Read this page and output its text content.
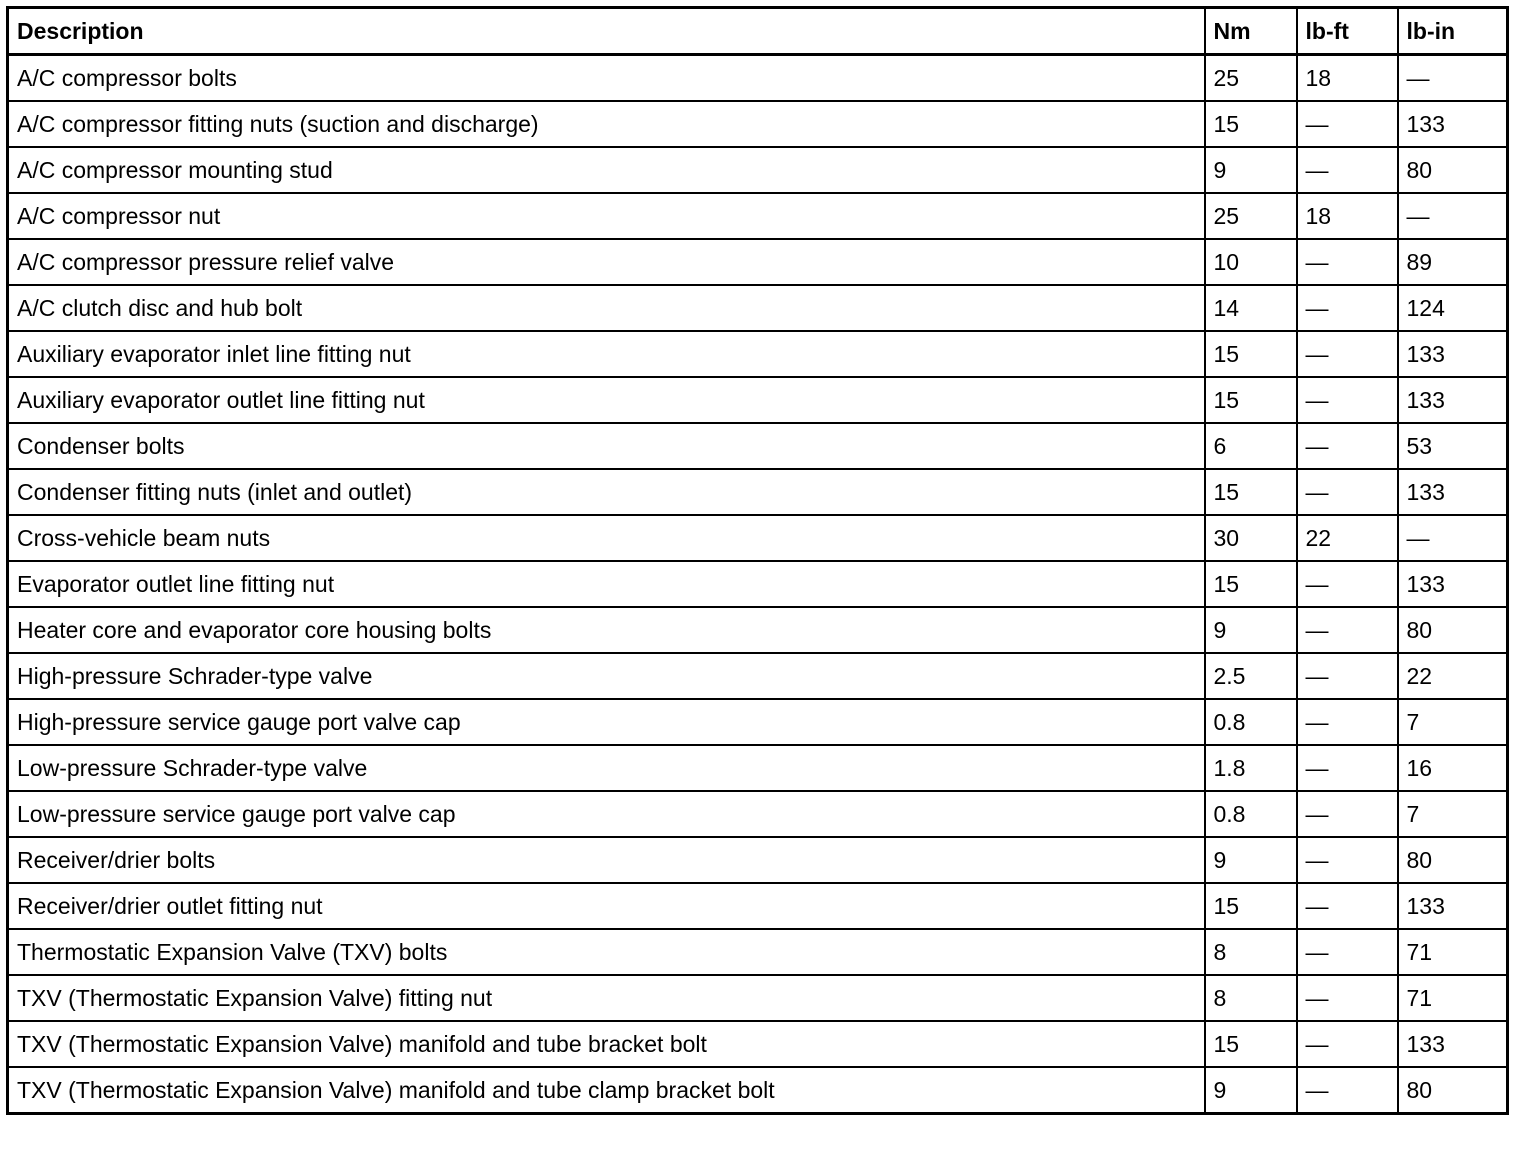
Description	Nm	lb-ft	lb-in
A/C compressor bolts	25	18	—
A/C compressor fitting nuts (suction and discharge)	15	—	133
A/C compressor mounting stud	9	—	80
A/C compressor nut	25	18	—
A/C compressor pressure relief valve	10	—	89
A/C clutch disc and hub bolt	14	—	124
Auxiliary evaporator inlet line fitting nut	15	—	133
Auxiliary evaporator outlet line fitting nut	15	—	133
Condenser bolts	6	—	53
Condenser fitting nuts (inlet and outlet)	15	—	133
Cross-vehicle beam nuts	30	22	—
Evaporator outlet line fitting nut	15	—	133
Heater core and evaporator core housing bolts	9	—	80
High-pressure Schrader-type valve	2.5	—	22
High-pressure service gauge port valve cap	0.8	—	7
Low-pressure Schrader-type valve	1.8	—	16
Low-pressure service gauge port valve cap	0.8	—	7
Receiver/drier bolts	9	—	80
Receiver/drier outlet fitting nut	15	—	133
Thermostatic Expansion Valve (TXV) bolts	8	—	71
TXV (Thermostatic Expansion Valve) fitting nut	8	—	71
TXV (Thermostatic Expansion Valve) manifold and tube bracket bolt	15	—	133
TXV (Thermostatic Expansion Valve) manifold and tube clamp bracket bolt	9	—	80
